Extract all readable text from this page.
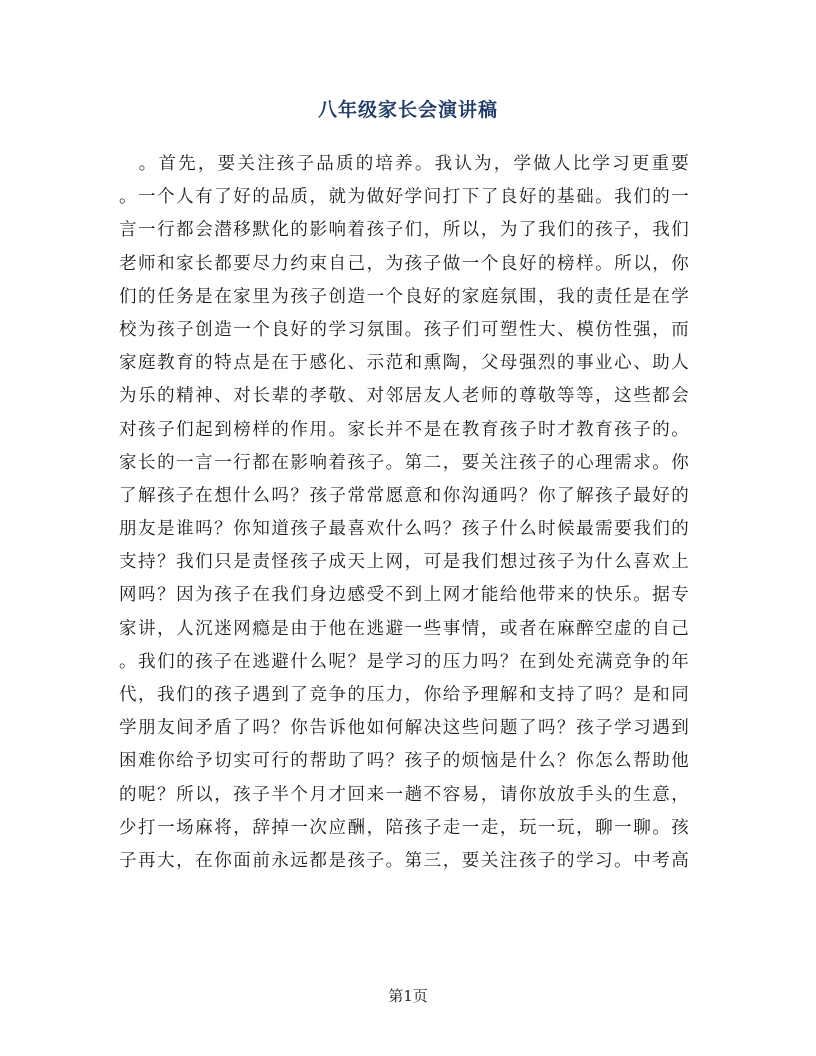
八年级家长会演讲稿
　。首先，要关注孩子品质的培养。我认为，学做人比学习更重要
。一个人有了好的品质，就为做好学问打下了良好的基础。我们的一
言一行都会潜移默化的影响着孩子们，所以，为了我们的孩子，我们
老师和家长都要尽力约束自己，为孩子做一个良好的榜样。所以，你
们的任务是在家里为孩子创造一个良好的家庭氛围，我的责任是在学
校为孩子创造一个良好的学习氛围。孩子们可塑性大、模仿性强，而
家庭教育的特点是在于感化、示范和熏陶，父母强烈的事业心、助人
为乐的精神、对长辈的孝敬、对邻居友人老师的尊敬等等，这些都会
对孩子们起到榜样的作用。家长并不是在教育孩子时才教育孩子的。
家长的一言一行都在影响着孩子。第二，要关注孩子的心理需求。你
了解孩子在想什么吗？孩子常常愿意和你沟通吗？你了解孩子最好的
朋友是谁吗？你知道孩子最喜欢什么吗？孩子什么时候最需要我们的
支持？我们只是责怪孩子成天上网，可是我们想过孩子为什么喜欢上
网吗？因为孩子在我们身边感受不到上网才能给他带来的快乐。据专
家讲，人沉迷网瘾是由于他在逃避一些事情，或者在麻醉空虚的自己
。我们的孩子在逃避什么呢？是学习的压力吗？在到处充满竞争的年
代，我们的孩子遇到了竞争的压力，你给予理解和支持了吗？是和同
学朋友间矛盾了吗？你告诉他如何解决这些问题了吗？孩子学习遇到
困难你给予切实可行的帮助了吗？孩子的烦恼是什么？你怎么帮助他
的呢？所以，孩子半个月才回来一趟不容易，请你放放手头的生意，
少打一场麻将，辞掉一次应酬，陪孩子走一走，玩一玩，聊一聊。孩
子再大，在你面前永远都是孩子。第三，要关注孩子的学习。中考高
第1页
